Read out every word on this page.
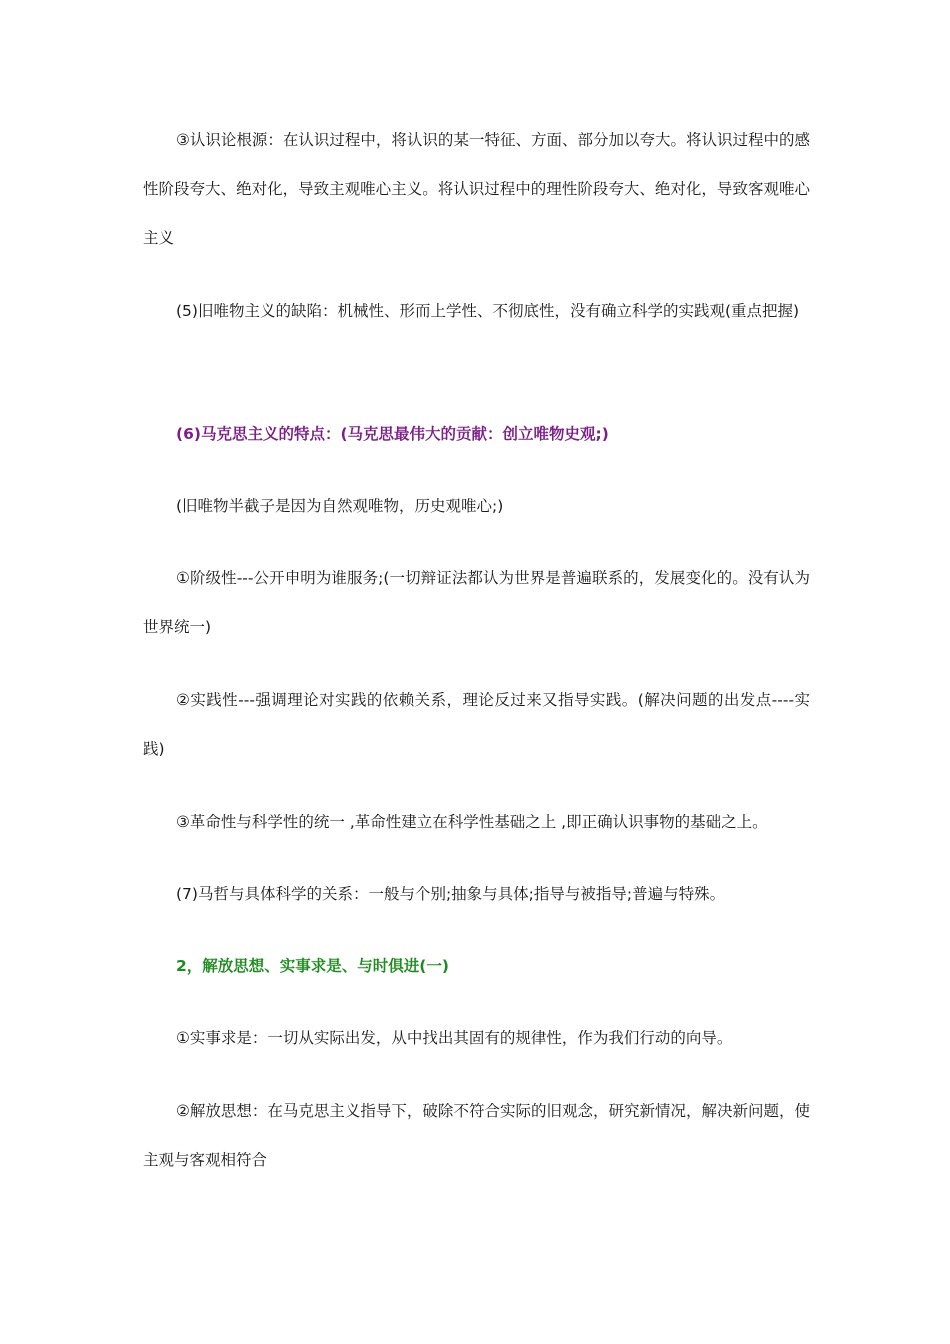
③认识论根源：在认识过程中，将认识的某一特征、方面、部分加以夸大。将认识过程中的感性阶段夸大、绝对化，导致主观唯心主义。将认识过程中的理性阶段夸大、绝对化，导致客观唯心主义

(5)旧唯物主义的缺陷：机械性、形而上学性、不彻底性，没有确立科学的实践观(重点把握)

(6)马克思主义的特点：(马克思最伟大的贡献：创立唯物史观;)

(旧唯物半截子是因为自然观唯物，历史观唯心;)

①阶级性---公开申明为谁服务;(一切辩证法都认为世界是普遍联系的，发展变化的。没有认为世界统一)

②实践性---强调理论对实践的依赖关系，理论反过来又指导实践。(解决问题的出发点----实践)

③革命性与科学性的统一 ,革命性建立在科学性基础之上 ,即正确认识事物的基础之上。

(7)马哲与具体科学的关系：一般与个别;抽象与具体;指导与被指导;普遍与特殊。

2，解放思想、实事求是、与时俱进(一)

①实事求是：一切从实际出发，从中找出其固有的规律性，作为我们行动的向导。

②解放思想：在马克思主义指导下，破除不符合实际的旧观念，研究新情况，解决新问题，使主观与客观相符合
